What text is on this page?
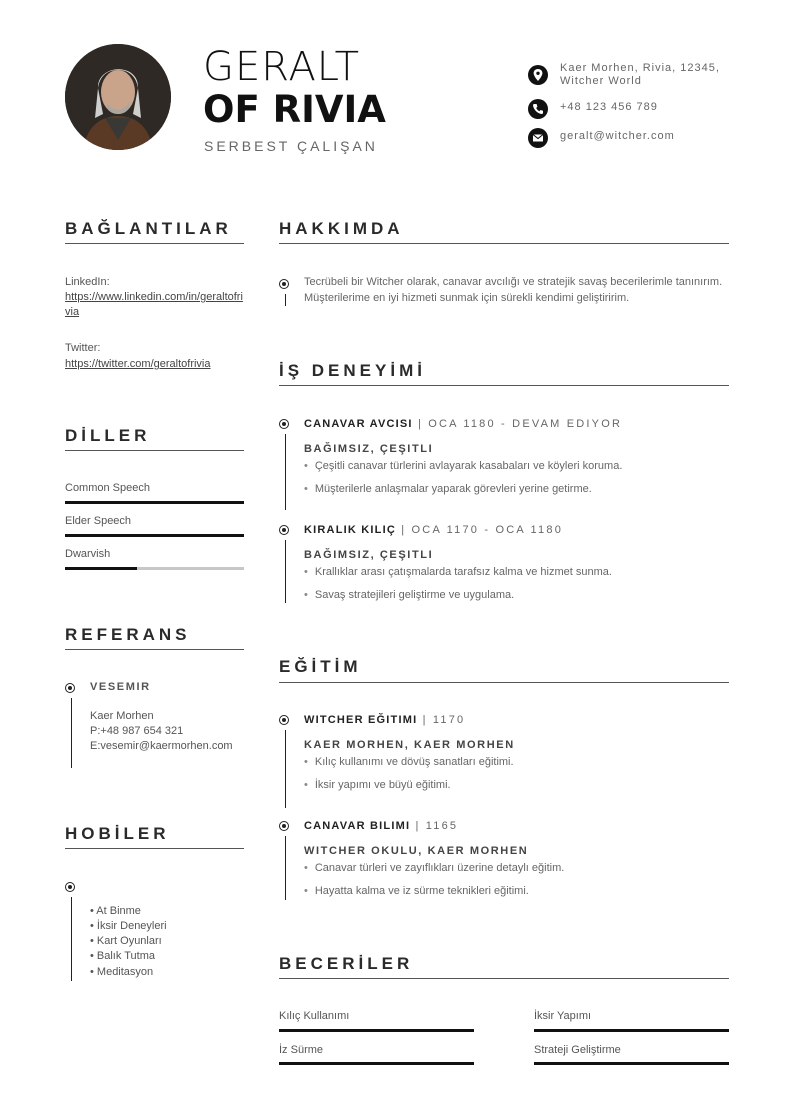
GERALT
OF RIVIA
SERBEST ÇALIŞAN
Kaer Morhen, Rivia, 12345, Witcher World
+48 123 456 789
geralt@witcher.com
BAĞLANTILAR
LinkedIn:
https://www.linkedin.com/in/geraltofrivia
Twitter:
https://twitter.com/geraltofrivia
DİLLER
Common Speech
Elder Speech
Dwarvish
REFERANS
VESEMIR
Kaer Morhen
P:+48 987 654 321
E:vesemir@kaermorhen.com
HOBİLER
• At Binme
• İksir Deneyleri
• Kart Oyunları
• Balık Tutma
• Meditasyon
HAKKIMDA
Tecrübeli bir Witcher olarak, canavar avcılığı ve stratejik savaş becerilerimle tanınırım. Müşterilerime en iyi hizmeti sunmak için sürekli kendimi geliştiririm.
İŞ DENEYİMİ
CANAVAR AVCISI | OCA 1180 - DEVAM EDIYOR
BAĞIMSIZ, ÇEŞITLI
• Çeşitli canavar türlerini avlayarak kasabaları ve köyleri koruma.
• Müşterilerle anlaşmalar yaparak görevleri yerine getirme.
KIRALIK KILIÇ | OCA 1170 - OCA 1180
BAĞIMSIZ, ÇEŞITLI
• Krallıklar arası çatışmalarda tarafsız kalma ve hizmet sunma.
• Savaş stratejileri geliştirme ve uygulama.
EĞİTİM
WITCHER EĞITIMI | 1170
KAER MORHEN, KAER MORHEN
• Kılıç kullanımı ve dövüş sanatları eğitimi.
• İksir yapımı ve büyü eğitimi.
CANAVAR BILIMI | 1165
WITCHER OKULU, KAER MORHEN
• Canavar türleri ve zayıflıkları üzerine detaylı eğitim.
• Hayatta kalma ve iz sürme teknikleri eğitimi.
BECERİLER
Kılıç Kullanımı	İksir Yapımı
İz Sürme	Strateji Geliştirme
